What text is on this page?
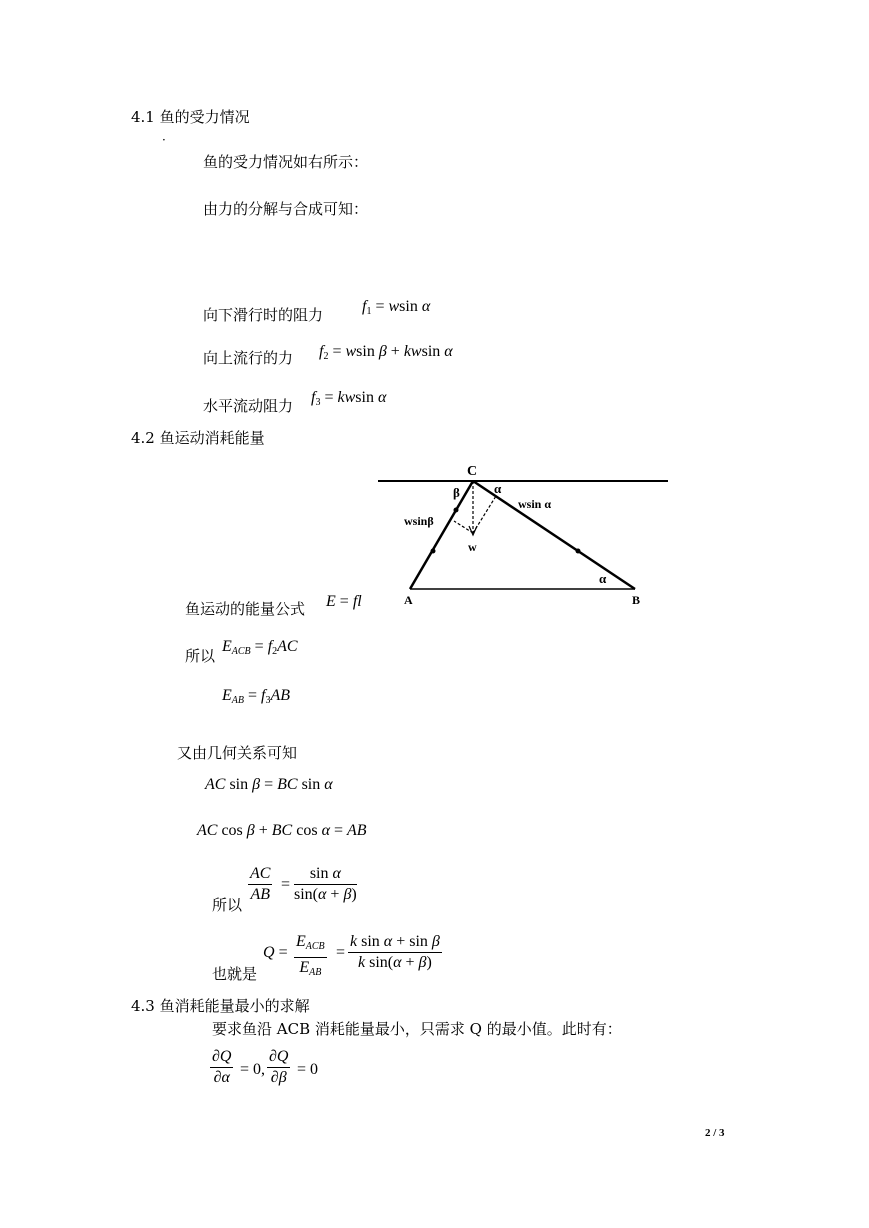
4.1 鱼的受力情况
·
鱼的受力情况如右所示：
由力的分解与合成可知：
向下滑行时的阻力 $f_1 = wsin$ α
向上流行的力 $f_2 = wsin$ β + kwsin α
水平流动阻力 $f_3 = kwsin$ α
4.2 鱼运动消耗能量
C
β	α
wsin α
wsinβ
w
α
A	B
鱼运动的能量公式 E = fl
所以
$E_{ACB} = f_2AC$
$E_{AB} = f_3AB$
又由几何关系可知
AC sin β = BC sin α
AC cos β + BC cos α = AB
所以 $\frac{AC}{AB} = \frac{\text{sin α}}{\sin(\alpha + \beta)}$
也就是
Q =
$E_{ACB}$
$E_{AB}$
= $\frac{\text{k sin α + sin β}}{\text{k sin(α + β)}}$
4.3 鱼消耗能量最小的求解
要求鱼沿 ACB 消耗能量最小，只需求 Q 的最小值。此时有：
$\frac{\partial Q}{\partial\alpha} = 0$, $\frac{\partial Q}{\partial\beta} = 0$
2 / 3
